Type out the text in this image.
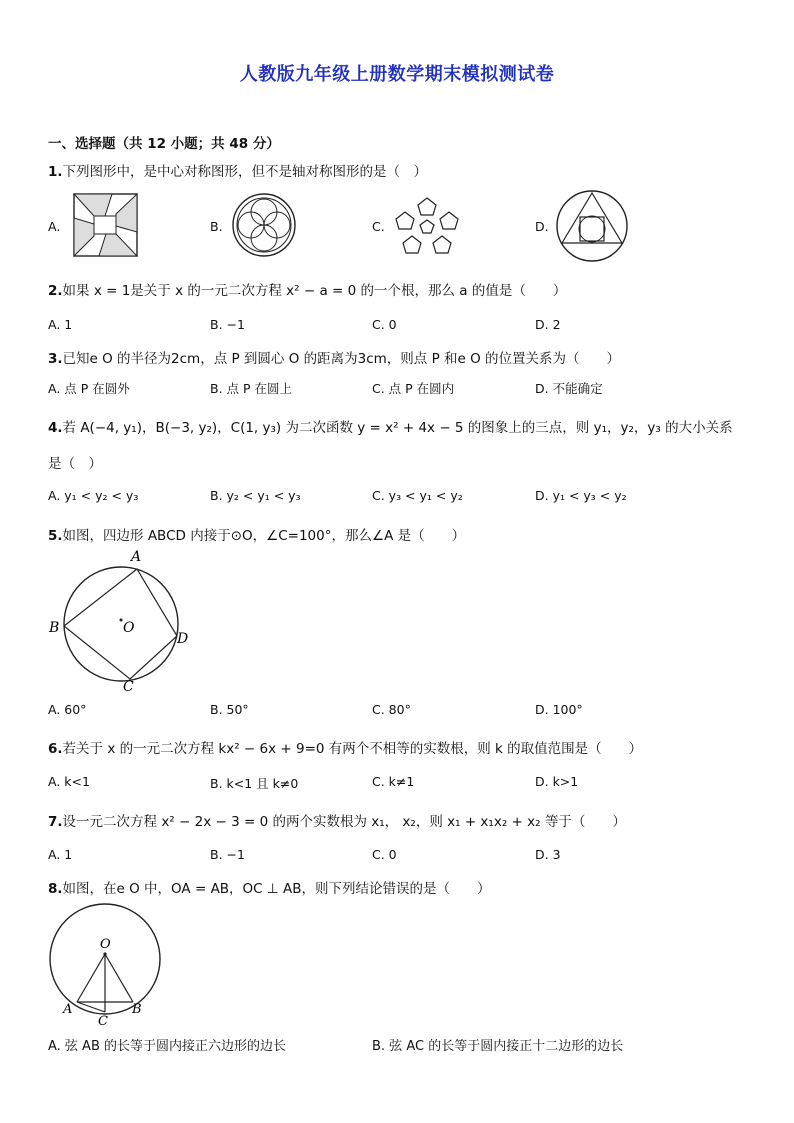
人教版九年级上册数学期末模拟测试卷
一、选择题（共 12 小题；共 48 分）
1.下列图形中，是中心对称图形，但不是轴对称图形的是（　）
A.	B.	C.	D.
2.如果 x = 1是关于 x 的一元二次方程 x² − a = 0 的一个根，那么 a 的值是（　　）
A. 1	B. −1	C. 0	D. 2
3.已知e O 的半径为2cm，点 P 到圆心 O 的距离为3cm，则点 P 和e O 的位置关系为（　　）
A. 点 P 在圆外	B. 点 P 在圆上	C. 点 P 在圆内	D. 不能确定
4.若 A(−4, y₁)，B(−3, y₂)，C(1, y₃) 为二次函数 y = x² + 4x − 5 的图象上的三点，则 y₁，y₂，y₃ 的大小关系
是（　）
A. y₁ < y₂ < y₃	B. y₂ < y₁ < y₃	C. y₃ < y₁ < y₂	D. y₁ < y₃ < y₂
5.如图，四边形 ABCD 内接于⊙O，∠C=100°，那么∠A 是（　　）
A
B
C
D
O
A. 60°	B. 50°	C. 80°	D. 100°
6.若关于 x 的一元二次方程 kx² − 6x + 9=0 有两个不相等的实数根，则 k 的取值范围是（　　）
A. k<1	B. k<1 且 k≠0	C. k≠1	D. k>1
7.设一元二次方程 x² − 2x − 3 = 0 的两个实数根为 x₁， x₂，则 x₁ + x₁x₂ + x₂ 等于（　　）
A. 1	B. −1	C. 0	D. 3
8.如图，在e O 中，OA = AB，OC ⊥ AB，则下列结论错误的是（　　）
O
A	B
C
A. 弦 AB 的长等于圆内接正六边形的边长	B. 弦 AC 的长等于圆内接正十二边形的边长
